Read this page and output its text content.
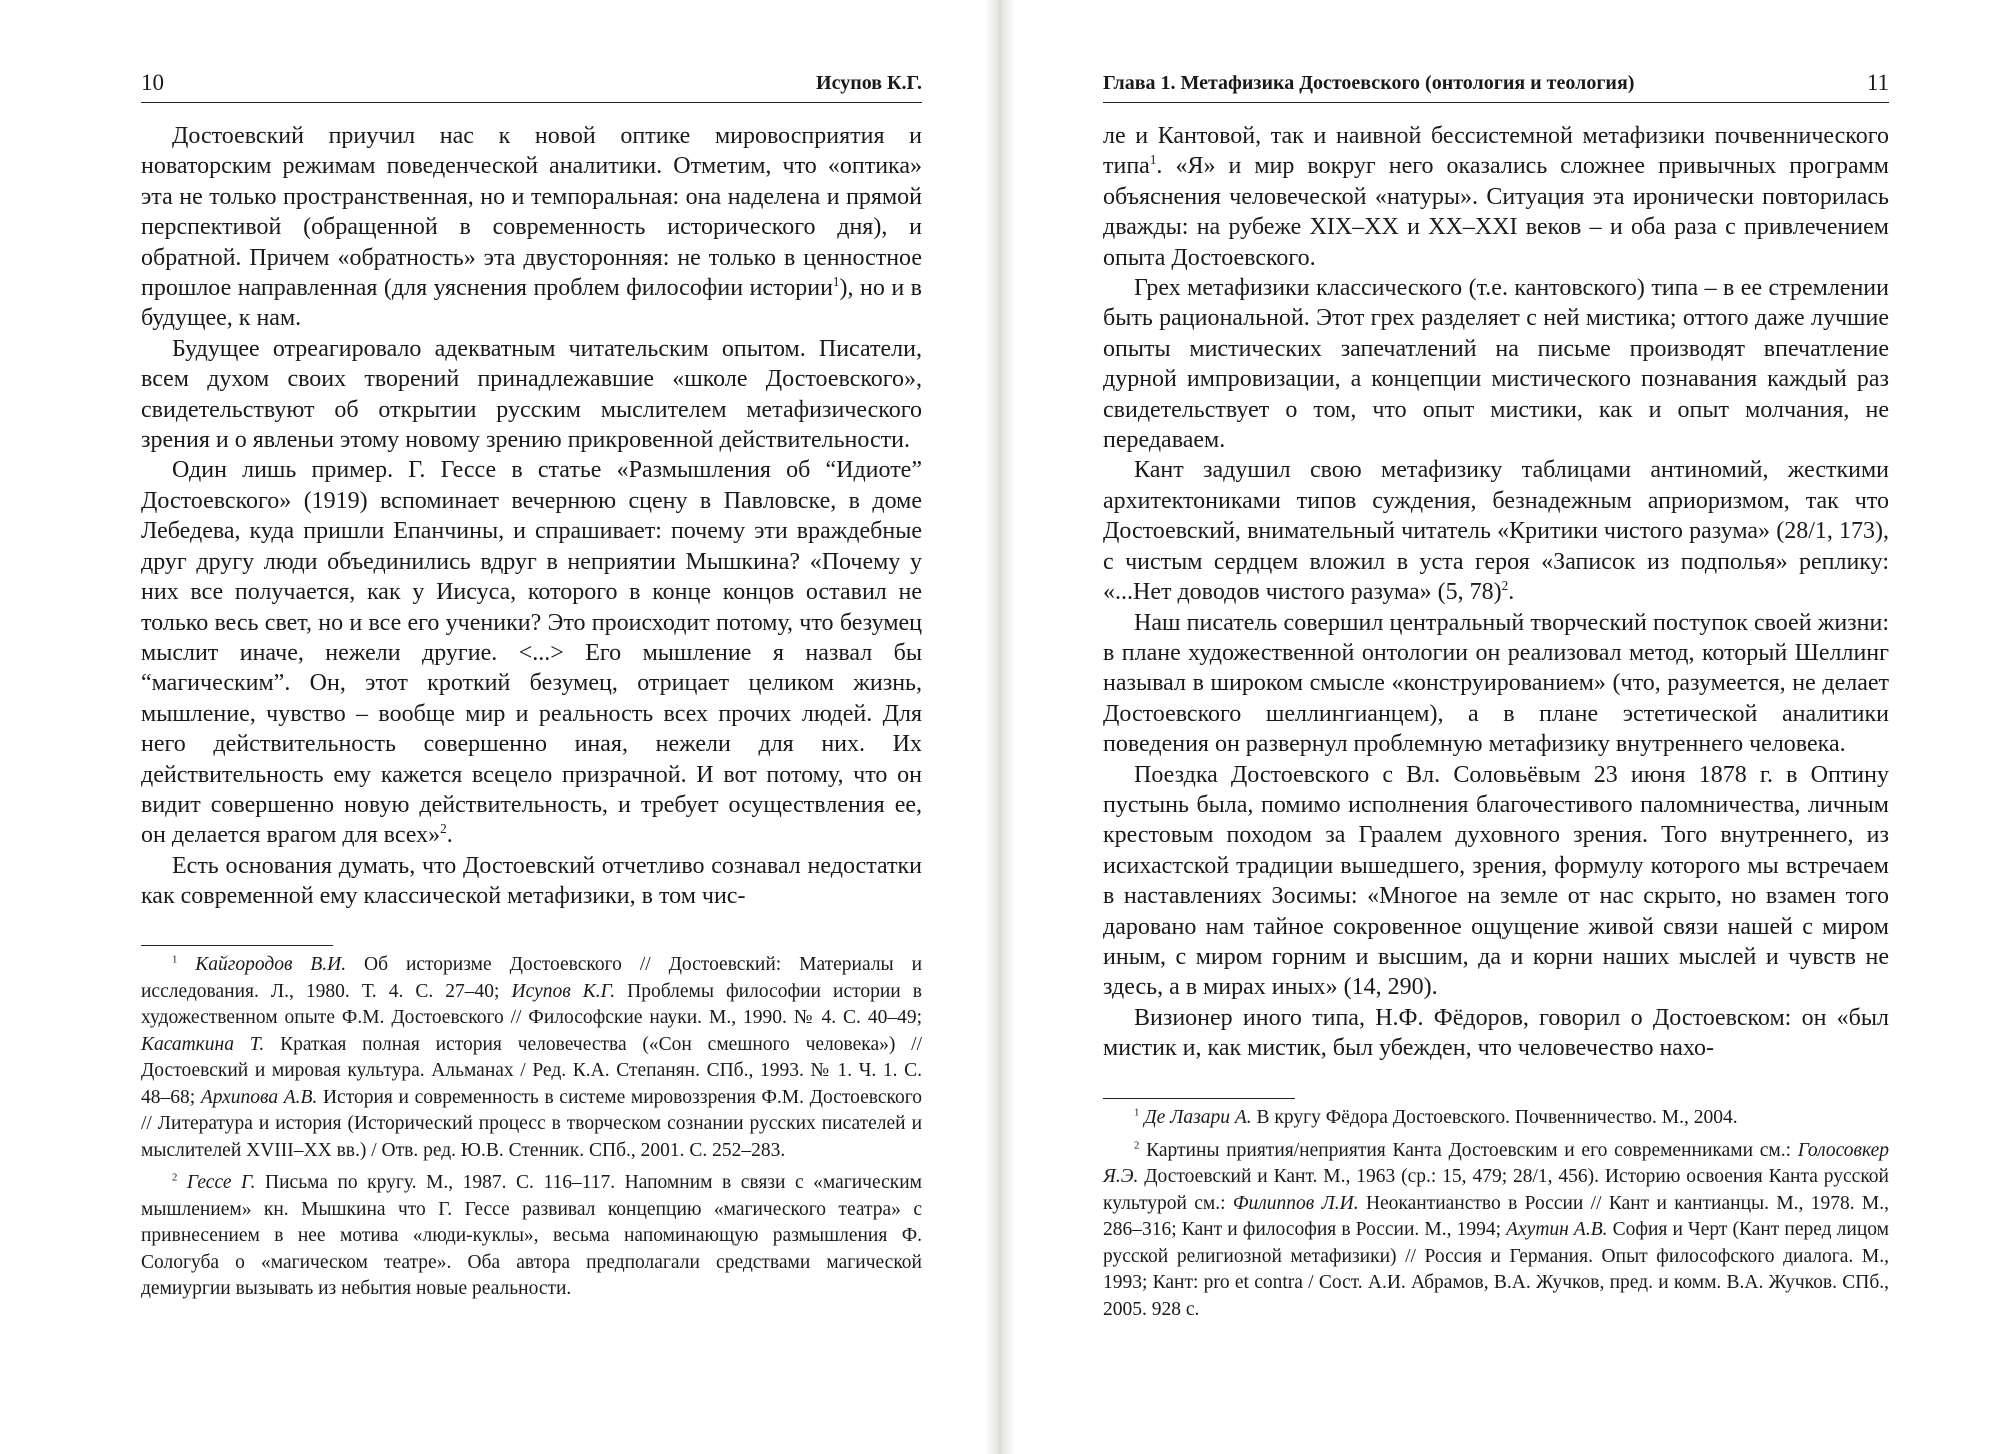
10	Исупов К.Г.

Достоевский приучил нас к новой оптике мировосприятия и новаторским режимам поведенческой аналитики. Отметим, что «оптика» эта не только пространственная, но и темпоральная: она наделена и прямой перспективой (обращенной в современность исторического дня), и обратной. Причем «обратность» эта двусторонняя: не только в ценностное прошлое направленная (для уяснения проблем философии истории$^1$), но и в будущее, к нам.

Будущее отреагировало адекватным читательским опытом. Писатели, всем духом своих творений принадлежавшие «школе Достоевского», свидетельствуют об открытии русским мыслителем метафизического зрения и о явленьи этому новому зрению прикровенной действительности.

Один лишь пример. Г. Гессе в статье «Размышления об “Идиоте” Достоевского» (1919) вспоминает вечернюю сцену в Павловске, в доме Лебедева, куда пришли Епанчины, и спрашивает: почему эти враждебные друг другу люди объединились вдруг в неприятии Мышкина? «Почему у них все получается, как у Иисуса, которого в конце концов оставил не только весь свет, но и все его ученики? Это происходит потому, что безумец мыслит иначе, нежели другие. <...> Его мышление я назвал бы “магическим”. Он, этот кроткий безумец, отрицает целиком жизнь, мышление, чувство – вообще мир и реальность всех прочих людей. Для него действительность совершенно иная, нежели для них. Их действительность ему кажется всецело призрачной. И вот потому, что он видит совершенно новую действительность, и требует осуществления ее, он делается врагом для всех»$^2$.

Есть основания думать, что Достоевский отчетливо сознавал недостатки как современной ему классической метафизики, в том чис-

$^1$ Кайгородов В.И. Об историзме Достоевского // Достоевский: Материалы и исследования. Л., 1980. Т. 4. С. 27–40; Исупов К.Г. Проблемы философии истории в художественном опыте Ф.М. Достоевского // Философские науки. М., 1990. № 4. С. 40–49; Касаткина Т. Краткая полная история человечества («Сон смешного человека») // Достоевский и мировая культура. Альманах / Ред. К.А. Степанян. СПб., 1993. № 1. Ч. 1. С. 48–68; Архипова А.В. История и современность в системе мировоззрения Ф.М. Достоевского // Литература и история (Исторический процесс в творческом сознании русских писателей и мыслителей XVIII–XX вв.) / Отв. ред. Ю.В. Стенник. СПб., 2001. С. 252–283.

$^2$ Гессе Г. Письма по кругу. М., 1987. С. 116–117. Напомним в связи с «магическим мышлением» кн. Мышкина что Г. Гессе развивал концепцию «магического театра» с привнесением в нее мотива «люди-куклы», весьма напоминающую размышления Ф. Сологуба о «магическом театре». Оба автора предполагали средствами магической демиургии вызывать из небытия новые реальности.

Глава 1. Метафизика Достоевского (онтология и теология)	11

ле и Кантовой, так и наивной бессистемной метафизики почвеннического типа$^1$. «Я» и мир вокруг него оказались сложнее привычных программ объяснения человеческой «натуры». Ситуация эта иронически повторилась дважды: на рубеже XIX–XX и XX–XXI веков – и оба раза с привлечением опыта Достоевского.

Грех метафизики классического (т.е. кантовского) типа – в ее стремлении быть рациональной. Этот грех разделяет с ней мистика; оттого даже лучшие опыты мистических запечатлений на письме производят впечатление дурной импровизации, а концепции мистического познавания каждый раз свидетельствует о том, что опыт мистики, как и опыт молчания, не передаваем.

Кант задушил свою метафизику таблицами антиномий, жесткими архитектониками типов суждения, безнадежным априоризмом, так что Достоевский, внимательный читатель «Критики чистого разума» (28/1, 173), с чистым сердцем вложил в уста героя «Записок из подполья» реплику: «...Нет доводов чистого разума» (5, 78)$^2$.

Наш писатель совершил центральный творческий поступок своей жизни: в плане художественной онтологии он реализовал метод, который Шеллинг называл в широком смысле «конструированием» (что, разумеется, не делает Достоевского шеллингианцем), а в плане эстетической аналитики поведения он развернул проблемную метафизику внутреннего человека.

Поездка Достоевского с Вл. Соловьёвым 23 июня 1878 г. в Оптину пустынь была, помимо исполнения благочестивого паломничества, личным крестовым походом за Граалем духовного зрения. Того внутреннего, из исихастской традиции вышедшего, зрения, формулу которого мы встречаем в наставлениях Зосимы: «Многое на земле от нас скрыто, но взамен того даровано нам тайное сокровенное ощущение живой связи нашей с миром иным, с миром горним и высшим, да и корни наших мыслей и чувств не здесь, а в мирах иных» (14, 290).

Визионер иного типа, Н.Ф. Фёдоров, говорил о Достоевском: он «был мистик и, как мистик, был убежден, что человечество нахо-

$^1$ Де Лазари А. В кругу Фёдора Достоевского. Почвенничество. М., 2004.

$^2$ Картины приятия/неприятия Канта Достоевским и его современниками см.: Голосовкер Я.Э. Достоевский и Кант. М., 1963 (ср.: 15, 479; 28/1, 456). Историю освоения Канта русской культурой см.: Филиппов Л.И. Неокантианство в России // Кант и кантианцы. М., 1978. М., 286–316; Кант и философия в России. М., 1994; Ахутин А.В. София и Черт (Кант перед лицом русской религиозной метафизики) // Россия и Германия. Опыт философского диалога. М., 1993; Кант: pro et contra / Сост. А.И. Абрамов, В.А. Жучков, пред. и комм. В.А. Жучков. СПб., 2005. 928 с.
